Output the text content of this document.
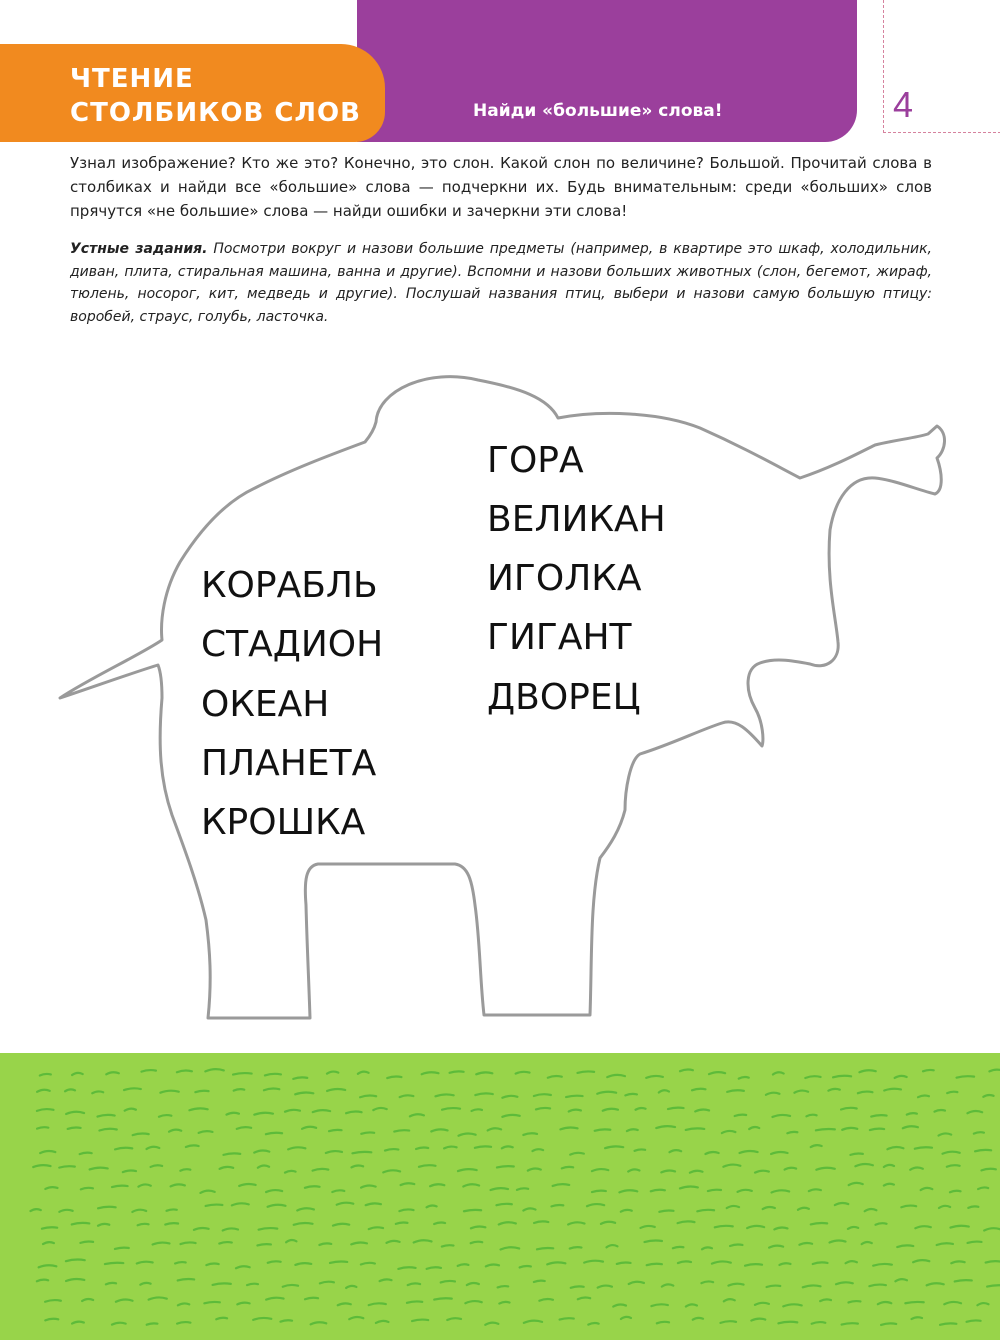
ЧТЕНИЕ
СТОЛБИКОВ СЛОВ	Найди «большие» слова!	4

Узнал изображение? Кто же это? Конечно, это слон. Какой слон по величине? Большой. Прочитай слова в столбиках и найди все «большие» слова — подчеркни их. Будь внимательным: среди «больших» слов прячутся «не большие» слова — найди ошибки и зачеркни эти слова!

Устные задания. Посмотри вокруг и назови большие предметы (например, в квартире это шкаф, холодильник, диван, плита, стиральная машина, ванна и другие). Вспомни и назови больших животных (слон, бегемот, жираф, тюлень, носорог, кит, медведь и другие). Послушай названия птиц, выбери и назови самую большую птицу: воробей, страус, голубь, ласточка.

КОРАБЛЬ
СТАДИОН
ОКЕАН
ПЛАНЕТА
КРОШКА
ГОРА
ВЕЛИКАН
ИГОЛКА
ГИГАНТ
ДВОРЕЦ
